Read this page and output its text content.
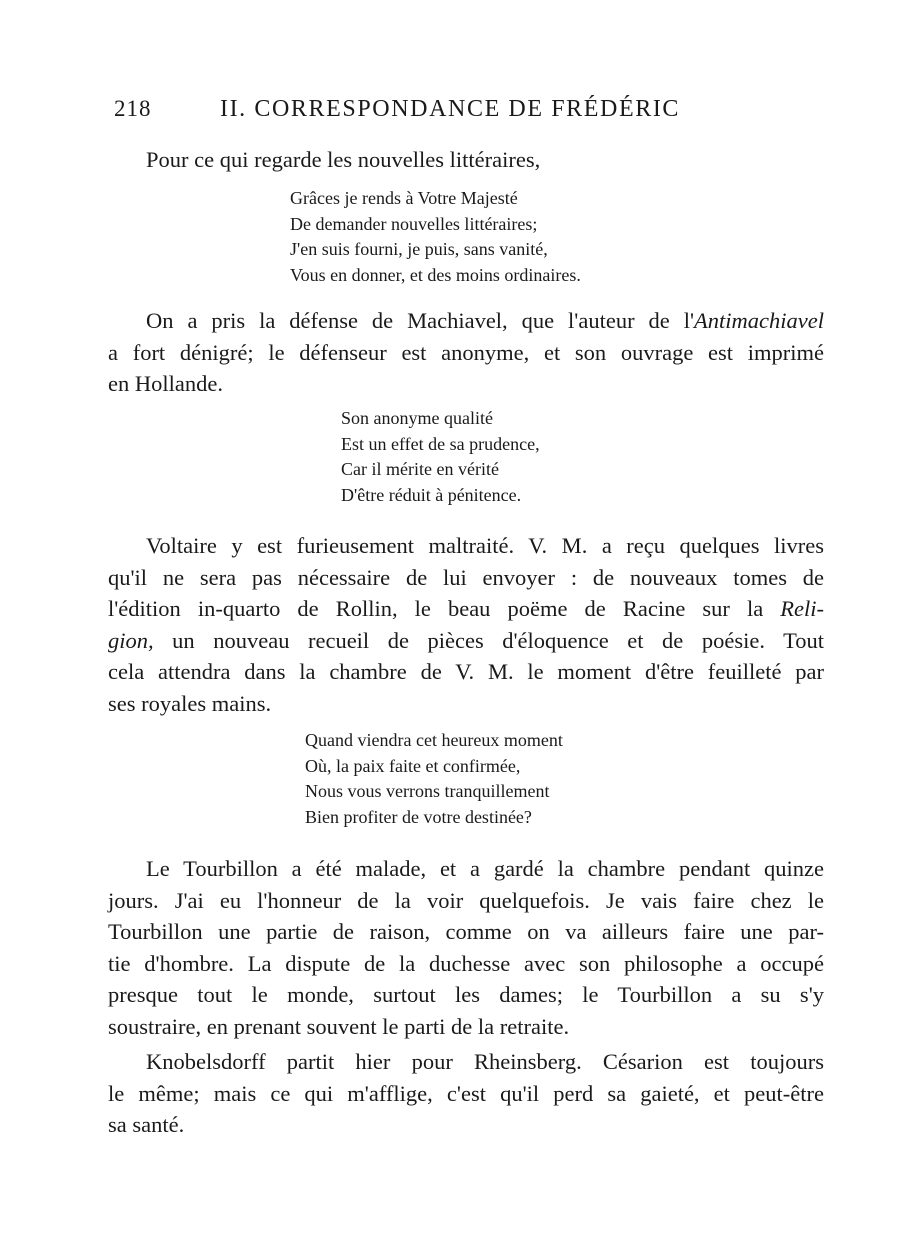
218	II. CORRESPONDANCE DE FRÉDÉRIC
Pour ce qui regarde les nouvelles littéraires,
Grâces je rends à Votre Majesté
De demander nouvelles littéraires;
J'en suis fourni, je puis, sans vanité,
Vous en donner, et des moins ordinaires.
On a pris la défense de Machiavel, que l'auteur de l'Antimachiavel
a fort dénigré; le défenseur est anonyme, et son ouvrage est imprimé
en Hollande.
Son anonyme qualité
Est un effet de sa prudence,
Car il mérite en vérité
D'être réduit à pénitence.
Voltaire y est furieusement maltraité. V. M. a reçu quelques livres
qu'il ne sera pas nécessaire de lui envoyer : de nouveaux tomes de
l'édition in-quarto de Rollin, le beau poëme de Racine sur la Reli-
gion, un nouveau recueil de pièces d'éloquence et de poésie. Tout
cela attendra dans la chambre de V. M. le moment d'être feuilleté par
ses royales mains.
Quand viendra cet heureux moment
Où, la paix faite et confirmée,
Nous vous verrons tranquillement
Bien profiter de votre destinée?
Le Tourbillon a été malade, et a gardé la chambre pendant quinze
jours. J'ai eu l'honneur de la voir quelquefois. Je vais faire chez le
Tourbillon une partie de raison, comme on va ailleurs faire une par-
tie d'hombre. La dispute de la duchesse avec son philosophe a occupé
presque tout le monde, surtout les dames; le Tourbillon a su s'y
soustraire, en prenant souvent le parti de la retraite.
Knobelsdorff partit hier pour Rheinsberg. Césarion est toujours
le même; mais ce qui m'afflige, c'est qu'il perd sa gaieté, et peut-être
sa santé.
